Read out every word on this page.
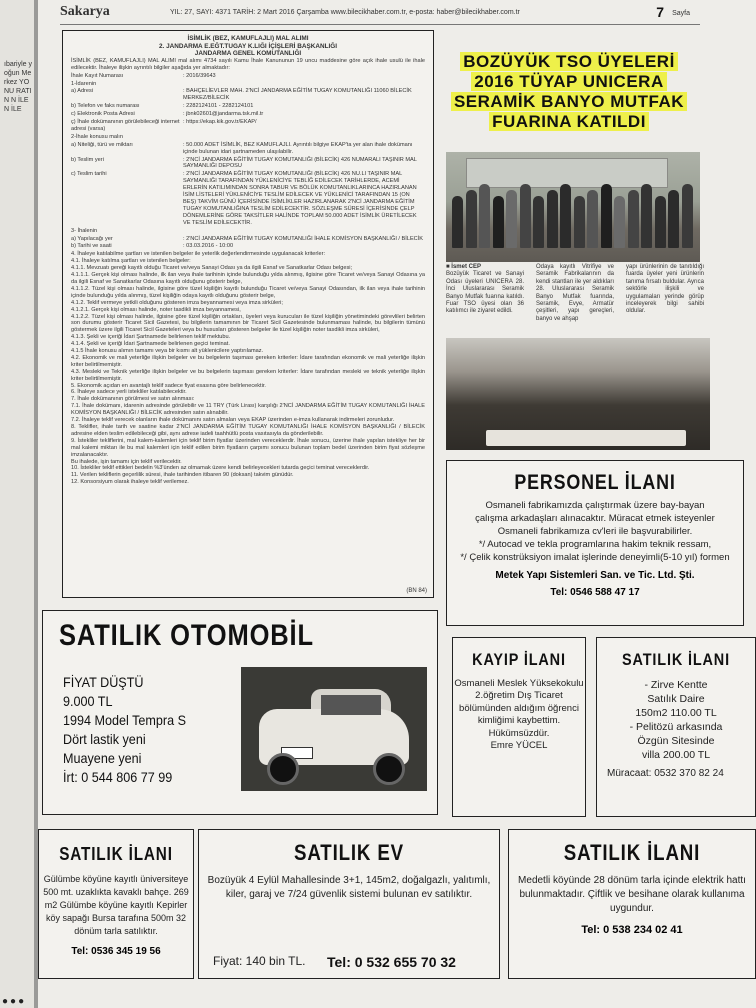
ıbariyle yoğun Merkez YONU RATIN N İLE N İLE
Sakarya	YIL: 27, SAYI: 4371 TARİH: 2 Mart 2016 Çarşamba www.bilecikhaber.com.tr, e-posta: haber@bilecikhaber.com.tr	7 Sayfa
İSİMLİK (BEZ, KAMUFLAJLI) MAL ALIMI
2. JANDARMA E.EĞT.TUGAY K.LIĞI İÇİŞLERİ BAŞKANLIĞI
JANDARMA GENEL KOMUTANLIĞI

İSİMLİK (BEZ, KAMUFLAJLI) MAL ALIMI mal alımı 4734 sayılı Kamu İhale Kanununun 19 uncu maddesine göre açık ihale usulü ile ihale edilecektir. İhaleye ilişkin ayrıntılı bilgiler aşağıda yer almaktadır:

İhale Kayıt Numarası	: 2016/39643
1-İdarenin
a) Adresi	: BAHÇELİEVLER MAH. 2'NCİ JANDARMA EĞİTİM TUGAY KOMUTANLIĞI 11060 BİLECİK MERKEZ/BİLECİK
b) Telefon ve faks numarası	: 2282124101 - 2282124101
c) Elektronik Posta Adresi	: jbnk02601@jandarma.tsk.mil.tr
ç) İhale dokümanının görülebileceği internet adresi (varsa): https://ekap.kik.gov.tr/EKAP/
2-İhale konusu malın
a) Niteliği, türü ve miktarı	: 50.000 ADET İSİMLİK, BEZ KAMUFLAJLI. Ayrıntılı bilgiye EKAP'ta yer alan ihale dokümanı içinde bulunan idari şartnameden ulaşılabilir.
b) Teslim yeri	: 2'NCİ JANDARMA EĞİTİM TUGAY KOMUTANLIĞI (BİLECİK) 426 NUMARALI TAŞINIR MAL SAYMANLIĞI DEPOSU
c) Teslim tarihi	: 2'NCİ JANDARMA EĞİTİM TUGAY KOMUTANLIĞI (BİLECİK) 426 NU.LI TAŞINIR MAL SAYMANLIĞI TARAFINDAN YÜKLENİCİYE TEBLİĞ EDİLECEK TARİHLERDE, ACEMİ ERLERİN KATILIMINDAN SONRA TABUR VE BÖLÜK KOMUTANLIKLARINCA HAZIRLANAN İSİM LİSTELERİ YÜKLENİCİYE TESLİM EDİLECEK VE YÜKLENİCİ TARAFINDAN 15 (ON BEŞ) TAKVİM GÜNÜ İÇERİSİNDE İSİMLİKLER HAZIRLANARAK 2'NCİ JANDARMA EĞİTİM TUGAY KOMUTANLIĞINA TESLİM EDİLECEKTİR. SÖZLEŞME SÜRESİ İÇERİSİNDE ÇELP DÖNEMLERİNE GÖRE TAKSİTLER HALİNDE TOPLAM 50.000 ADET İSİMLİK ÜRETİLECEK VE TESLİM EDİLECEKTİR.
3- İhalenin
a) Yapılacağı yer	: 2'NCİ JANDARMA EĞİTİM TUGAY KOMUTANLIĞI İHALE KOMİSYON BAŞKANLIĞI / BİLECİK
b) Tarihi ve saati	: 03.03.2016 - 10:00

4. İhaleye katılabilme şartları ve istenilen belgeler ile yeterlik değerlendirmesinde uygulanacak kriterler:

4.1. İhaleye katılma şartları ve istenilen belgeler:

4.1.1. Mevzuatı gereği kayıtlı olduğu Ticaret ve/veya Sanayi Odası ya da ilgili Esnaf ve Sanatkarlar Odası belgesi;

4.1.1.1. Gerçek kişi olması halinde, ilk ilan veya ihale tarihinin içinde bulunduğu yılda alınmış, ilgisine göre Ticaret ve/veya Sanayi Odasına ya da ilgili Esnaf ve Sanatkarlar Odasına kayıtlı olduğunu gösterir belge,

4.1.1.2. Tüzel kişi olması halinde, ilgisine göre tüzel kişiliğin kayıtlı bulunduğu Ticaret ve/veya Sanayi Odasından, ilk ilan veya ihale tarihinin içinde bulunduğu yılda alınmış, tüzel kişiliğin odaya kayıtlı olduğunu gösterir belge,

4.1.2. Teklif vermeye yetkili olduğunu gösteren imza beyannamesi veya imza sirküleri;

4.1.2.1. Gerçek kişi olması halinde, noter tasdikli imza beyannamesi,

4.1.2.2. Tüzel kişi olması halinde, ilgisine göre tüzel kişiliğin ortakları, üyeleri veya kurucuları ile tüzel kişiliğin yönetimindeki görevlileri belirten son durumu gösterir Ticaret Sicil Gazetesi, bu bilgilerin tamamının bir Ticaret Sicil Gazetesinde bulunmaması halinde, bu bilgilerin tümünü göstermek üzere ilgili Ticaret Sicil Gazeteleri veya bu hususları gösteren belgeler ile tüzel kişiliğin noter tasdikli imza sirküleri,

4.1.3. Şekli ve içeriği İdari Şartnamede belirlenen teklif mektubu.

4.1.4. Şekli ve içeriği İdari Şartnamede belirlenen geçici teminat.

4.1.5 İhale konusu alımın tamamı veya bir kısmı alt yüklenicilere yaptırılamaz.

4.2. Ekonomik ve mali yeterliğe ilişkin belgeler ve bu belgelerin taşıması gereken kriterler: İdare tarafından ekonomik ve mali yeterliğe ilişkin kriter belirtilmemiştir.

4.3. Mesleki ve Teknik yeterliğe ilişkin belgeler ve bu belgelerin taşıması gereken kriterler: İdare tarafından mesleki ve teknik yeterliğe ilişkin kriter belirtilmemiştir.

5. Ekonomik açıdan en avantajlı teklif sadece fiyat esasına göre belirlenecektir.

6. İhaleye sadece yerli istekliler katılabilecektir.

7. İhale dokümanının görülmesi ve satın alınması:

7.1. İhale dokümanı, idarenin adresinde görülebilir ve 11 TRY (Türk Lirası) karşılığı 2'NCİ JANDARMA EĞİTİM TUGAY KOMUTANLIĞI İHALE KOMİSYON BAŞKANLIĞI / BİLECİK adresinden satın alınabilir.

7.2. İhaleye teklif verecek olanların ihale dokümanını satın almaları veya EKAP üzerinden e-imza kullanarak indirmeleri zorunludur.

8. Teklifler, ihale tarih ve saatine kadar 2'NCİ JANDARMA EĞİTİM TUGAY KOMUTANLIĞI İHALE KOMİSYON BAŞKANLIĞI / BİLECİK adresine elden teslim edilebileceği gibi, aynı adrese iadeli taahhütlü posta vasıtasıyla da gönderilebilir.

9. İstekliler tekliflerini, mal kalem-kalemleri için teklif birim fiyatlar üzerinden vereceklerdir. İhale sonucu, üzerine ihale yapılan istekliye her bir mal kalemi miktarı ile bu mal kalemleri için teklif edilen birim fiyatların çarpımı sonucu bulunan toplam bedel üzerinden birim fiyat sözleşme imzalanacaktır.

Bu ihalede, işin tamamı için teklif verilecektir.

10. İstekliler teklif ettikleri bedelin %3'ünden az olmamak üzere kendi belirleyecekleri tutarda geçici teminat vereceklerdir.

11. Verilen tekliflerin geçerlilik süresi, ihale tarihinden itibaren 90 (doksan) takvim günüdür.

12. Konsorsiyum olarak ihaleye teklif verilemez.

(BN 84)
BOZÜYÜK TSO ÜYELERİ
2016 TÜYAP UNICERA
SERAMİK BANYO MUTFAK
FUARINA KATILDI
■ İsmet CEP
Bozüyük Ticaret ve Sanayi Odası üyeleri UNICERA 28. İnci Uluslararası Seramik Banyo Mutfak fuarına katıldı. Fuar TSO üyesi olan 36 katılımcı ile ziyaret edildi.
Odaya kayıtlı Vitrifiye ve Seramik Fabrikalarının da kendi stantları ile yer aldıkları 28. Uluslararası Seramik Banyo Mutfak fuarında, Seramik, Evye, Armatür çeşitleri, yapı gereçleri, banyo ve ahşap
yapı ürünlerinin de tanıtıldığı fuarda üyeler yeni ürünlerin tanıma fırsatı buldular. Ayrıca sektörle ilişkili ve uygulamaları yerinde görüp inceleyerek bilgi sahibi oldular.
PERSONEL İLANI
Osmaneli fabrikamızda çalıştırmak üzere bay-bayan
çalışma arkadaşları alınacaktır. Müracat etmek isteyenler
Osmaneli fabrikamıza cv'leri ile başvurabilirler.
*/ Autocad ve tekla programlarına hakim teknik ressam,
*/ Çelik konstrüksiyon imalat işlerinde deneyimli(5-10 yıl) formen
Metek Yapı Sistemleri San. ve Tic. Ltd. Şti.
Tel: 0546 588 47 17
SATILIK OTOMOBİL
FİYAT DÜŞTÜ
9.000 TL
1994 Model Tempra S
Dört lastik yeni
Muayene yeni
İrt: 0 544 806 77 99
KAYIP İLANI
Osmaneli Meslek Yüksekokulu 2.öğretim Dış Ticaret bölümünden aldığım öğrenci kimliğimi kaybettim. Hükümsüzdür.
Emre YÜCEL
SATILIK İLANI
- Zirve Kentte
Satılık Daire
150m2 110.00 TL
- Pelitözü arkasında
Özgün Sitesinde
villa 200.00 TL
Müracaat: 0532 370 82 24
SATILIK İLANI
Gülümbe köyüne kayıtlı üniversiteye 500 mt. uzaklıkta kavaklı bahçe. 269 m2 Gülümbe köyüne kayıtlı Kepirler köy sapağı Bursa tarafına 500m 32 dönüm tarla satılıktır.
Tel: 0536 345 19 56
SATILIK EV
Bozüyük 4 Eylül Mahallesinde 3+1, 145m2, doğalgazlı, yalıtımlı, kiler, garaj ve 7/24 güvenlik sistemi bulunan ev satılıktır.
Fiyat: 140 bin TL. Tel: 0 532 655 70 32
SATILIK İLANI
Medetli köyünde 28 dönüm tarla içinde elektrik hattı bulunmaktadır. Çiftlik ve besihane olarak kullanıma uygundur.
Tel: 0 538 234 02 41
●●●
